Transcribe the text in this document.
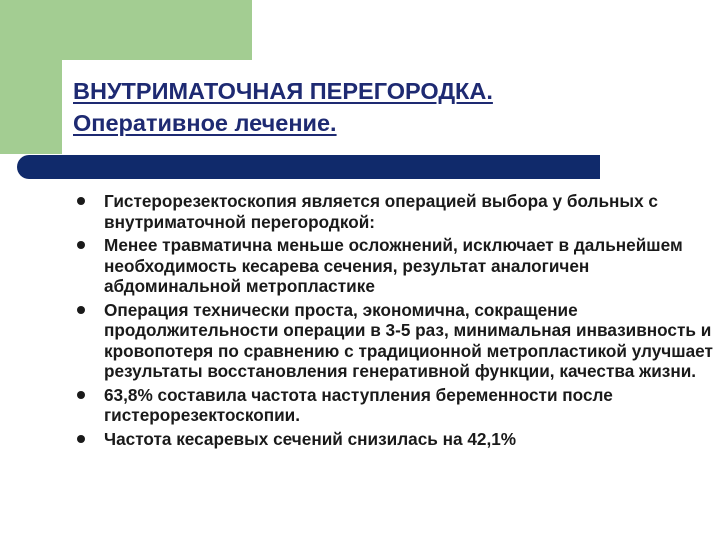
ВНУТРИМАТОЧНАЯ ПЕРЕГОРОДКА.
Оперативное лечение.
Гистерорезектоскопия является операцией выбора у больных с внутриматочной перегородкой:
Менее травматична меньше осложнений, исключает в дальнейшем необходимость кесарева сечения, результат аналогичен абдоминальной метропластике
Операция технически проста, экономична, сокращение продолжительности операции в 3-5 раз, минимальная инвазивность и кровопотеря по сравнению с традиционной метропластикой улучшает результаты восстановления генеративной функции, качества жизни.
63,8% составила частота наступления беременности после гистерорезектоскопии.
Частота кесаревых сечений снизилась на 42,1%
